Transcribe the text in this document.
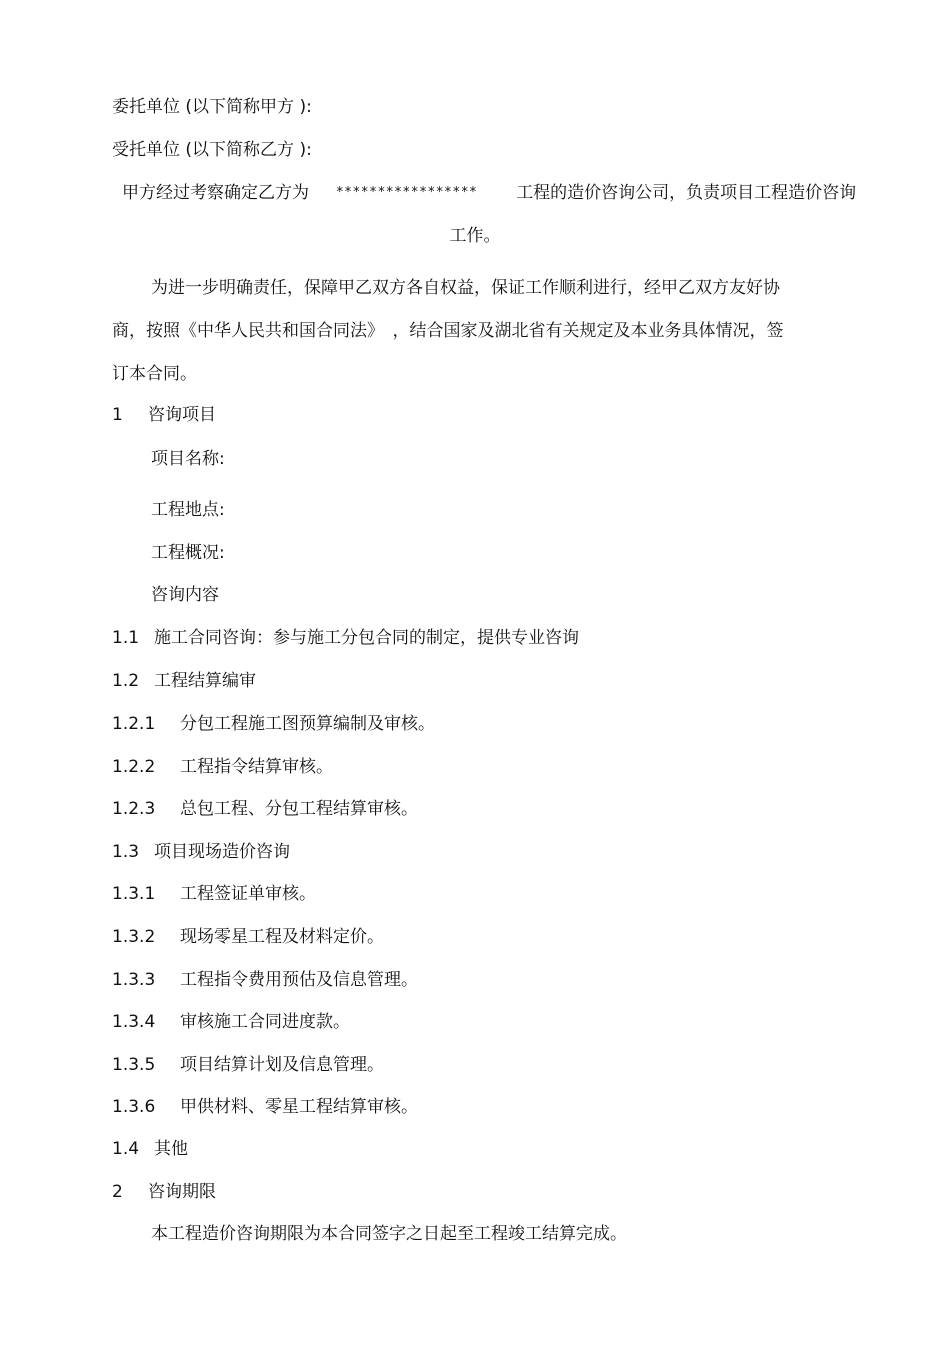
委托单位 (以下简称甲方 ):
受托单位 (以下简称乙方 ):
甲方经过考察确定乙方为 ***************** 工程的造价咨询公司，负责项目工程造价咨询
工作。
为进一步明确责任，保障甲乙双方各自权益，保证工作顺利进行，经甲乙双方友好协
商，按照《中华人民共和国合同法》　，结合国家及湖北省有关规定及本业务具体情况，签
订本合同。
1 咨询项目
项目名称:
工程地点:
工程概况:
咨询内容
1.1 施工合同咨询：参与施工分包合同的制定，提供专业咨询
1.2 工程结算编审
1.2.1 分包工程施工图预算编制及审核。
1.2.2 工程指令结算审核。
1.2.3 总包工程、分包工程结算审核。
1.3 项目现场造价咨询
1.3.1 工程签证单审核。
1.3.2 现场零星工程及材料定价。
1.3.3 工程指令费用预估及信息管理。
1.3.4 审核施工合同进度款。
1.3.5 项目结算计划及信息管理。
1.3.6 甲供材料、零星工程结算审核。
1.4 其他
2 咨询期限
本工程造价咨询期限为本合同签字之日起至工程竣工结算完成。
